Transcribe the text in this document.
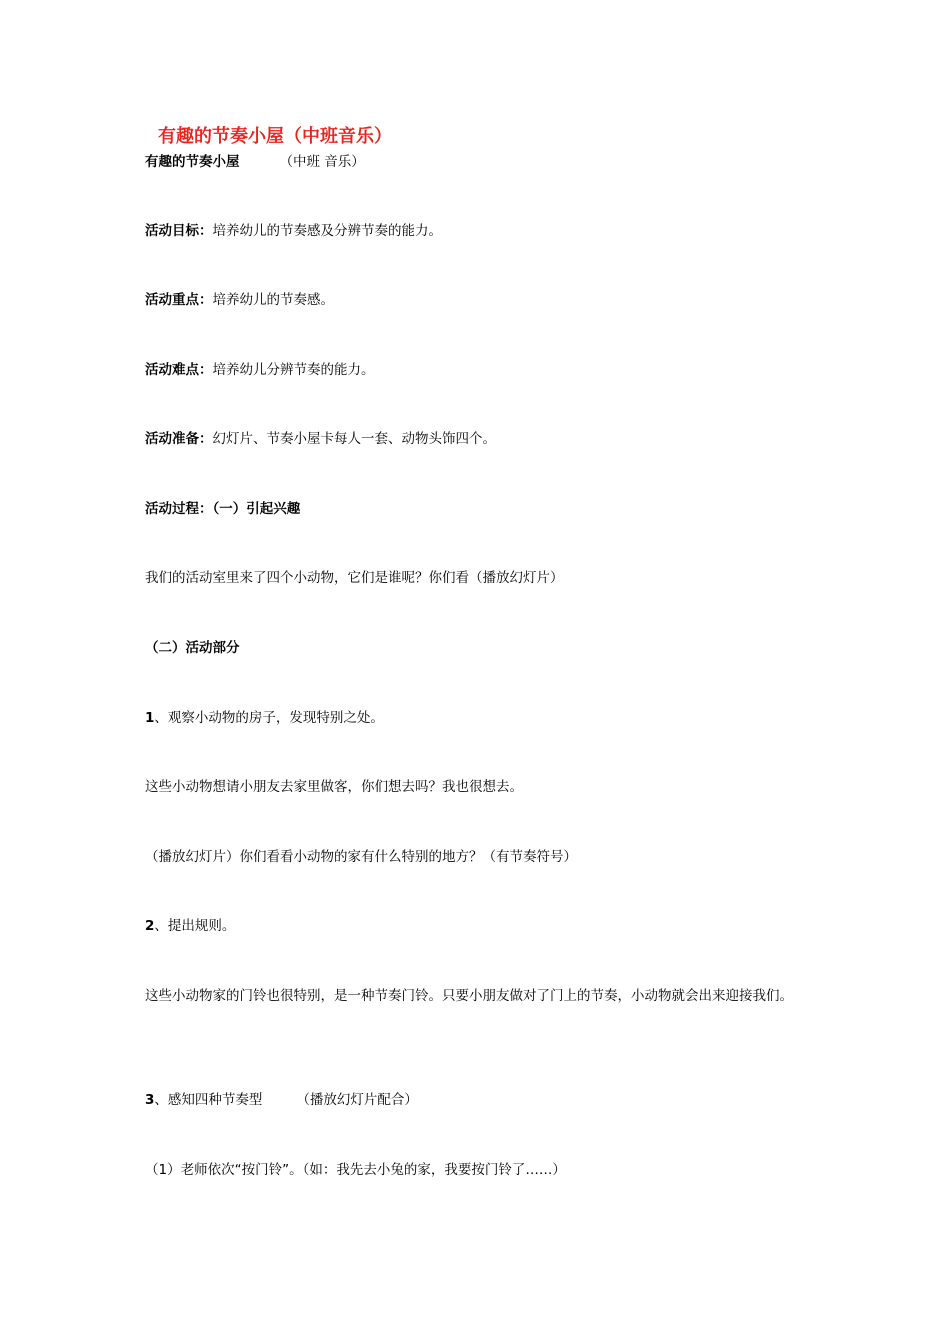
有趣的节奏小屋（中班音乐）
有趣的节奏小屋	（中班 音乐）
活动目标：培养幼儿的节奏感及分辨节奏的能力。
活动重点：培养幼儿的节奏感。
活动难点：培养幼儿分辨节奏的能力。
活动准备：幻灯片、节奏小屋卡每人一套、动物头饰四个。
活动过程：（一）引起兴趣
我们的活动室里来了四个小动物，它们是谁呢？你们看（播放幻灯片）
（二）活动部分
1、观察小动物的房子，发现特别之处。
这些小动物想请小朋友去家里做客，你们想去吗？我也很想去。
（播放幻灯片）你们看看小动物的家有什么特别的地方？（有节奏符号）
2、提出规则。
这些小动物家的门铃也很特别，是一种节奏门铃。只要小朋友做对了门上的节奏，小动物就会出来迎接我们。
3、感知四种节奏型	（播放幻灯片配合）
（1）老师依次“按门铃”。（如：我先去小兔的家，我要按门铃了……）
